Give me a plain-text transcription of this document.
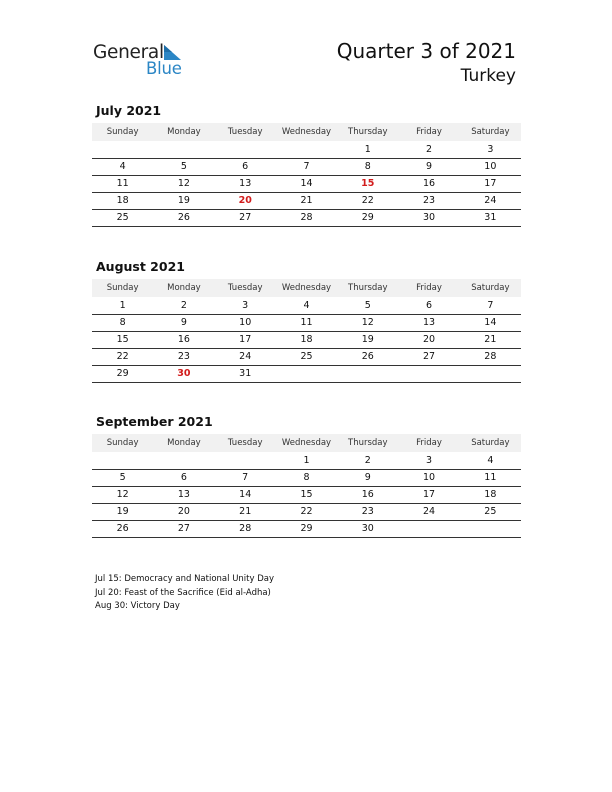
General
Blue
Quarter 3 of 2021
Turkey
July 2021
Sunday	Monday	Tuesday	Wednesday	Thursday	Friday	Saturday
				1	2	3
4	5	6	7	8	9	10
11	12	13	14	15	16	17
18	19	20	21	22	23	24
25	26	27	28	29	30	31
August 2021
Sunday	Monday	Tuesday	Wednesday	Thursday	Friday	Saturday
1	2	3	4	5	6	7
8	9	10	11	12	13	14
15	16	17	18	19	20	21
22	23	24	25	26	27	28
29	30	31				
September 2021
Sunday	Monday	Tuesday	Wednesday	Thursday	Friday	Saturday
			1	2	3	4
5	6	7	8	9	10	11
12	13	14	15	16	17	18
19	20	21	22	23	24	25
26	27	28	29	30		
Jul 15: Democracy and National Unity Day
Jul 20: Feast of the Sacrifice (Eid al-Adha)
Aug 30: Victory Day
